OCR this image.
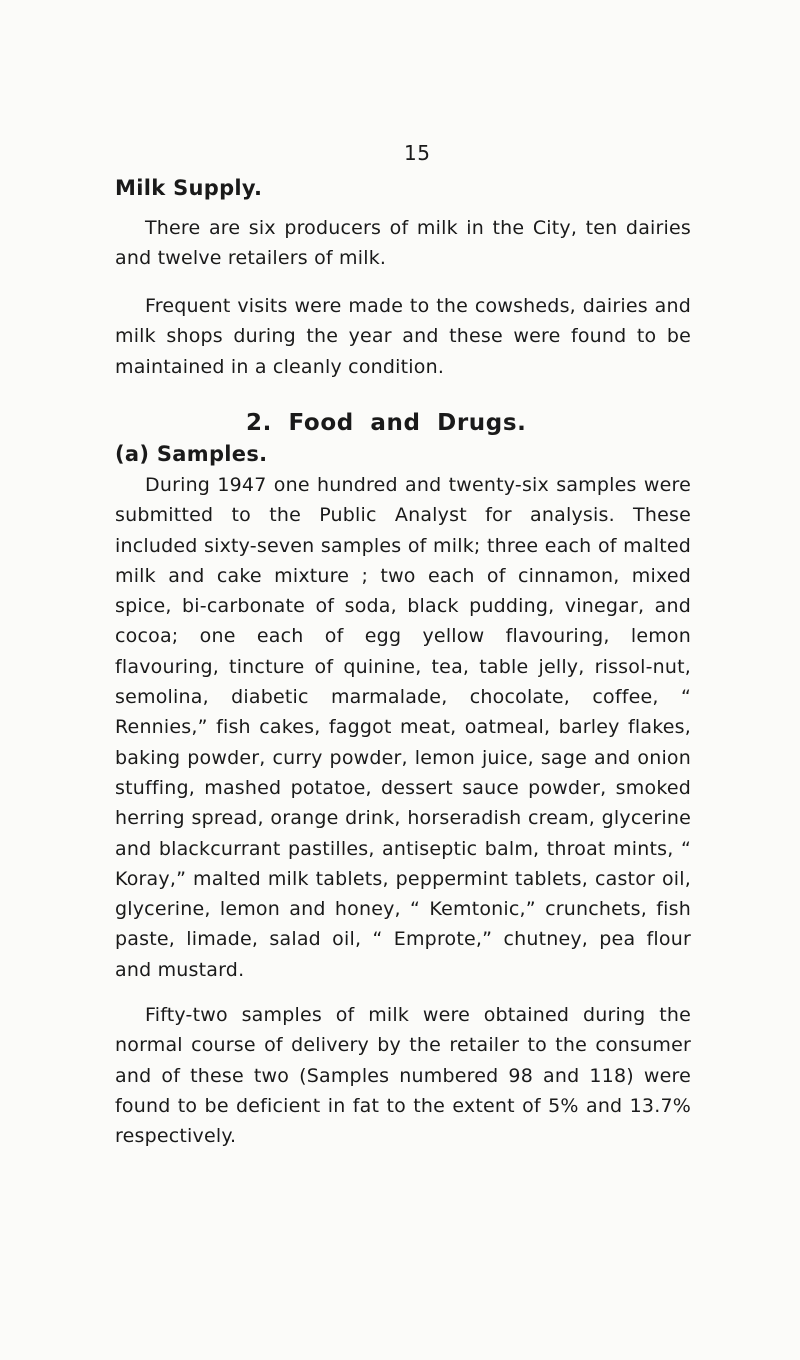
15
Milk Supply.

There are six producers of milk in the City, ten dairies and twelve retailers of milk.

Frequent visits were made to the cowsheds, dairies and milk shops during the year and these were found to be maintained in a cleanly condition.

2. Food and Drugs.
(a) Samples.

During 1947 one hundred and twenty-six samples were submitted to the Public Analyst for analysis. These included sixty-seven samples of milk; three each of malted milk and cake mixture ; two each of cinnamon, mixed spice, bi-carbonate of soda, black pudding, vinegar, and cocoa; one each of egg yellow flavouring, lemon flavouring, tincture of quinine, tea, table jelly, rissol-nut, semolina, diabetic marmalade, chocolate, coffee, “ Rennies,” fish cakes, faggot meat, oatmeal, barley flakes, baking powder, curry powder, lemon juice, sage and onion stuffing, mashed potatoe, dessert sauce powder, smoked herring spread, orange drink, horseradish cream, glycerine and blackcurrant pastilles, antiseptic balm, throat mints, “ Koray,” malted milk tablets, peppermint tablets, castor oil, glycerine, lemon and honey, “ Kemtonic,” crunchets, fish paste, limade, salad oil, “ Emprote,” chutney, pea flour and mustard.

Fifty-two samples of milk were obtained during the normal course of delivery by the retailer to the consumer and of these two (Samples numbered 98 and 118) were found to be deficient in fat to the extent of 5% and 13.7% respectively.
